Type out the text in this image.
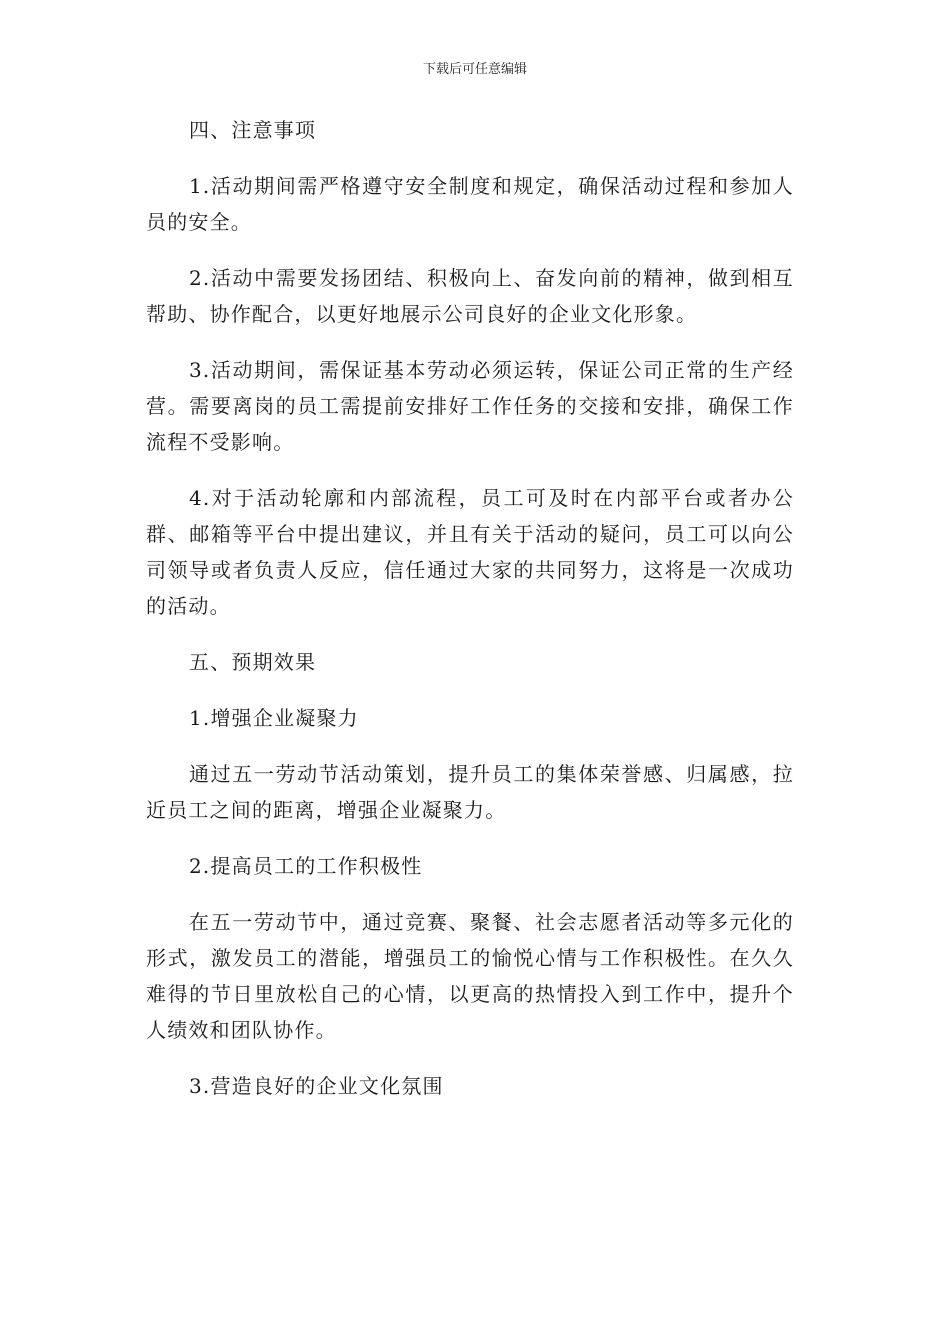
下载后可任意编辑

四、注意事项

1.活动期间需严格遵守安全制度和规定，确保活动过程和参加人员的安全。

2.活动中需要发扬团结、积极向上、奋发向前的精神，做到相互帮助、协作配合，以更好地展示公司良好的企业文化形象。

3.活动期间，需保证基本劳动必须运转，保证公司正常的生产经营。需要离岗的员工需提前安排好工作任务的交接和安排，确保工作流程不受影响。

4.对于活动轮廓和内部流程，员工可及时在内部平台或者办公群、邮箱等平台中提出建议，并且有关于活动的疑问，员工可以向公司领导或者负责人反应，信任通过大家的共同努力，这将是一次成功的活动。

五、预期效果

1.增强企业凝聚力

通过五一劳动节活动策划，提升员工的集体荣誉感、归属感，拉近员工之间的距离，增强企业凝聚力。

2.提高员工的工作积极性

在五一劳动节中，通过竞赛、聚餐、社会志愿者活动等多元化的形式，激发员工的潜能，增强员工的愉悦心情与工作积极性。在久久难得的节日里放松自己的心情，以更高的热情投入到工作中，提升个人绩效和团队协作。

3.营造良好的企业文化氛围
